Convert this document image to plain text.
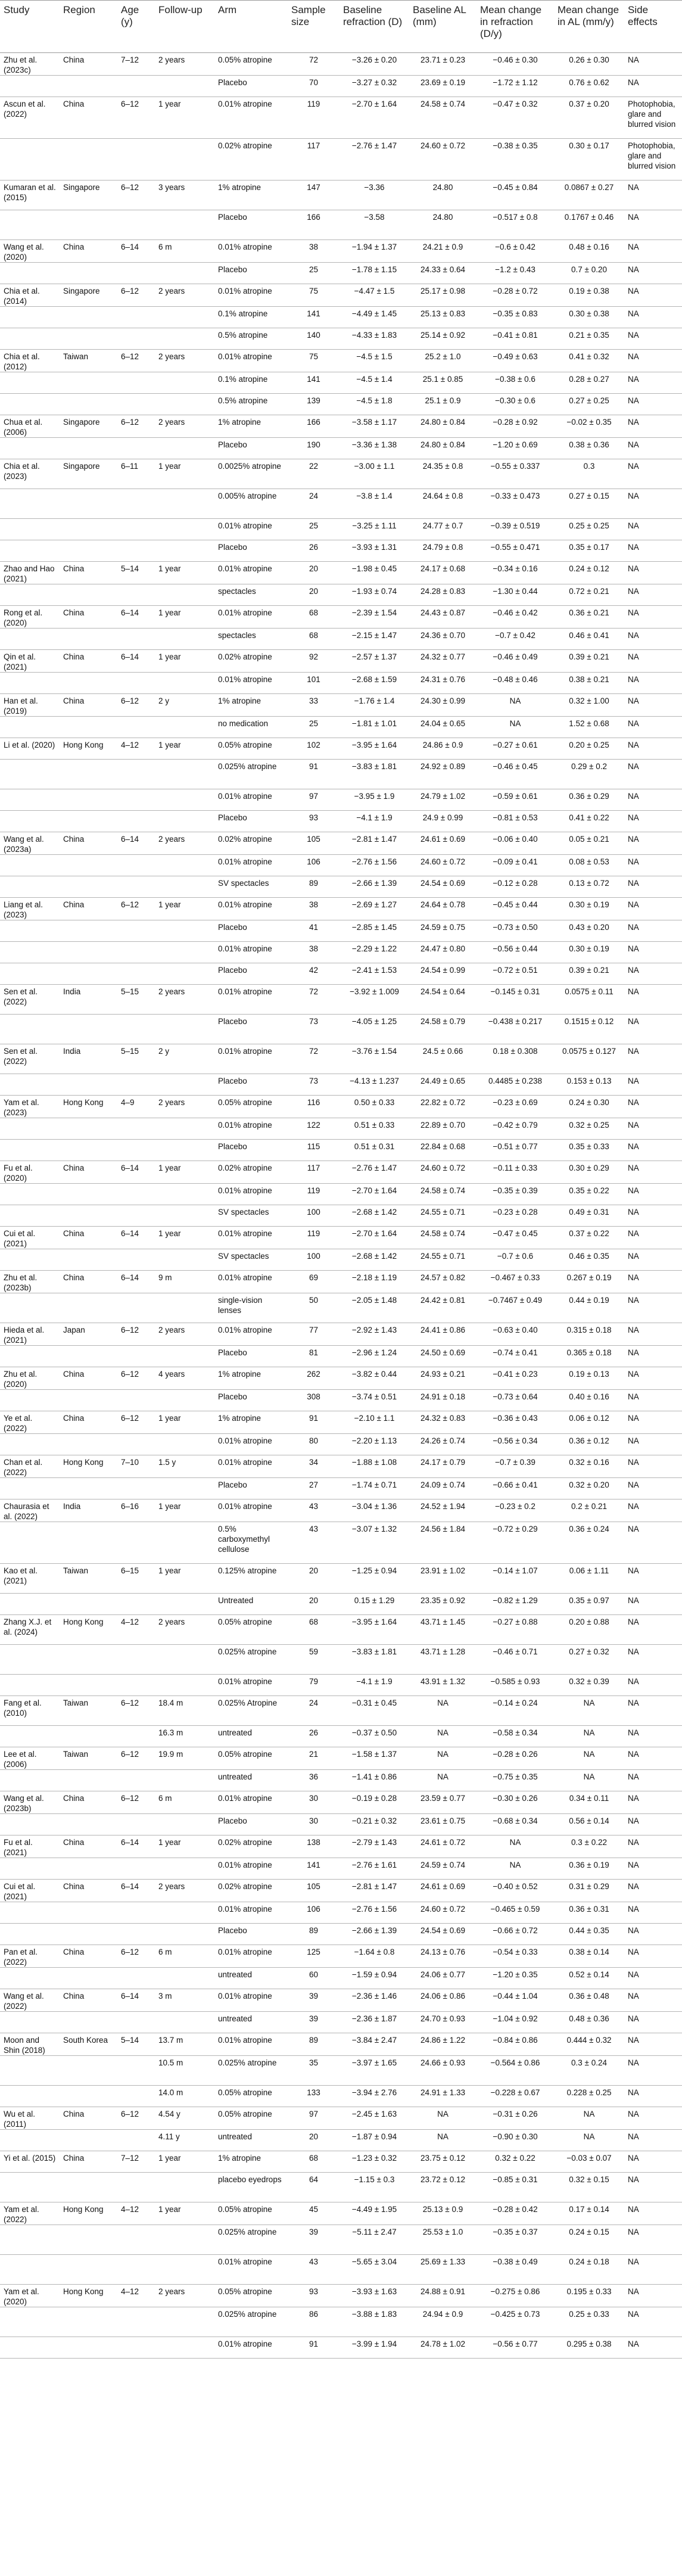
Study	Region	Age (y)	Follow-up	Arm	Sample size	Baseline refraction (D)	Baseline AL (mm)	Mean change in refraction (D/y)	Mean change in AL (mm/y)	Side effects
Zhu et al. (2023c)	China	7–12	2 years	0.05% atropine	72	−3.26 ± 0.20	23.71 ± 0.23	−0.46 ± 0.30	0.26 ± 0.30	NA
				Placebo	70	−3.27 ± 0.32	23.69 ± 0.19	−1.72 ± 1.12	0.76 ± 0.62	NA
Ascun et al. (2022)	China	6–12	1 year	0.01% atropine	119	−2.70 ± 1.64	24.58 ± 0.74	−0.47 ± 0.32	0.37 ± 0.20	Photophobia, glare and blurred vision
				0.02% atropine	117	−2.76 ± 1.47	24.60 ± 0.72	−0.38 ± 0.35	0.30 ± 0.17	Photophobia, glare and blurred vision
Kumaran et al. (2015)	Singapore	6–12	3 years	1% atropine	147	−3.36	24.80	−0.45 ± 0.84	0.0867 ± 0.27	NA
				Placebo	166	−3.58	24.80	−0.517 ± 0.8	0.1767 ± 0.46	NA
Wang et al. (2020)	China	6–14	6 m	0.01% atropine	38	−1.94 ± 1.37	24.21 ± 0.9	−0.6 ± 0.42	0.48 ± 0.16	NA
				Placebo	25	−1.78 ± 1.15	24.33 ± 0.64	−1.2 ± 0.43	0.7 ± 0.20	NA
Chia et al. (2014)	Singapore	6–12	2 years	0.01% atropine	75	−4.47 ± 1.5	25.17 ± 0.98	−0.28 ± 0.72	0.19 ± 0.38	NA
				0.1% atropine	141	−4.49 ± 1.45	25.13 ± 0.83	−0.35 ± 0.83	0.30 ± 0.38	NA
				0.5% atropine	140	−4.33 ± 1.83	25.14 ± 0.92	−0.41 ± 0.81	0.21 ± 0.35	NA
Chia et al. (2012)	Taiwan	6–12	2 years	0.01% atropine	75	−4.5 ± 1.5	25.2 ± 1.0	−0.49 ± 0.63	0.41 ± 0.32	NA
				0.1% atropine	141	−4.5 ± 1.4	25.1 ± 0.85	−0.38 ± 0.6	0.28 ± 0.27	NA
				0.5% atropine	139	−4.5 ± 1.8	25.1 ± 0.9	−0.30 ± 0.6	0.27 ± 0.25	NA
Chua et al. (2006)	Singapore	6–12	2 years	1% atropine	166	−3.58 ± 1.17	24.80 ± 0.84	−0.28 ± 0.92	−0.02 ± 0.35	NA
				Placebo	190	−3.36 ± 1.38	24.80 ± 0.84	−1.20 ± 0.69	0.38 ± 0.36	NA
Chia et al. (2023)	Singapore	6–11	1 year	0.0025% atropine	22	−3.00 ± 1.1	24.35 ± 0.8	−0.55 ± 0.337	0.3	NA
				0.005% atropine	24	−3.8 ± 1.4	24.64 ± 0.8	−0.33 ± 0.473	0.27 ± 0.15	NA
				0.01% atropine	25	−3.25 ± 1.11	24.77 ± 0.7	−0.39 ± 0.519	0.25 ± 0.25	NA
				Placebo	26	−3.93 ± 1.31	24.79 ± 0.8	−0.55 ± 0.471	0.35 ± 0.17	NA
Zhao and Hao (2021)	China	5–14	1 year	0.01% atropine	20	−1.98 ± 0.45	24.17 ± 0.68	−0.34 ± 0.16	0.24 ± 0.12	NA
				spectacles	20	−1.93 ± 0.74	24.28 ± 0.83	−1.30 ± 0.44	0.72 ± 0.21	NA
Rong et al. (2020)	China	6–14	1 year	0.01% atropine	68	−2.39 ± 1.54	24.43 ± 0.87	−0.46 ± 0.42	0.36 ± 0.21	NA
				spectacles	68	−2.15 ± 1.47	24.36 ± 0.70	−0.7 ± 0.42	0.46 ± 0.41	NA
Qin et al. (2021)	China	6–14	1 year	0.02% atropine	92	−2.57 ± 1.37	24.32 ± 0.77	−0.46 ± 0.49	0.39 ± 0.21	NA
				0.01% atropine	101	−2.68 ± 1.59	24.31 ± 0.76	−0.48 ± 0.46	0.38 ± 0.21	NA
Han et al. (2019)	China	6–12	2 y	1% atropine	33	−1.76 ± 1.4	24.30 ± 0.99	NA	0.32 ± 1.00	NA
				no medication	25	−1.81 ± 1.01	24.04 ± 0.65	NA	1.52 ± 0.68	NA
Li et al. (2020)	Hong Kong	4–12	1 year	0.05% atropine	102	−3.95 ± 1.64	24.86 ± 0.9	−0.27 ± 0.61	0.20 ± 0.25	NA
				0.025% atropine	91	−3.83 ± 1.81	24.92 ± 0.89	−0.46 ± 0.45	0.29 ± 0.2	NA
				0.01% atropine	97	−3.95 ± 1.9	24.79 ± 1.02	−0.59 ± 0.61	0.36 ± 0.29	NA
				Placebo	93	−4.1 ± 1.9	24.9 ± 0.99	−0.81 ± 0.53	0.41 ± 0.22	NA
Wang et al. (2023a)	China	6–14	2 years	0.02% atropine	105	−2.81 ± 1.47	24.61 ± 0.69	−0.06 ± 0.40	0.05 ± 0.21	NA
				0.01% atropine	106	−2.76 ± 1.56	24.60 ± 0.72	−0.09 ± 0.41	0.08 ± 0.53	NA
				SV spectacles	89	−2.66 ± 1.39	24.54 ± 0.69	−0.12 ± 0.28	0.13 ± 0.72	NA
Liang et al. (2023)	China	6–12	1 year	0.01% atropine	38	−2.69 ± 1.27	24.64 ± 0.78	−0.45 ± 0.44	0.30 ± 0.19	NA
				Placebo	41	−2.85 ± 1.45	24.59 ± 0.75	−0.73 ± 0.50	0.43 ± 0.20	NA
				0.01% atropine	38	−2.29 ± 1.22	24.47 ± 0.80	−0.56 ± 0.44	0.30 ± 0.19	NA
				Placebo	42	−2.41 ± 1.53	24.54 ± 0.99	−0.72 ± 0.51	0.39 ± 0.21	NA
Sen et al. (2022)	India	5–15	2 years	0.01% atropine	72	−3.92 ± 1.009	24.54 ± 0.64	−0.145 ± 0.31	0.0575 ± 0.11	NA
				Placebo	73	−4.05 ± 1.25	24.58 ± 0.79	−0.438 ± 0.217	0.1515 ± 0.12	NA
Sen et al. (2022)	India	5–15	2 y	0.01% atropine	72	−3.76 ± 1.54	24.5 ± 0.66	0.18 ± 0.308	0.0575 ± 0.127	NA
				Placebo	73	−4.13 ± 1.237	24.49 ± 0.65	0.4485 ± 0.238	0.153 ± 0.13	NA
Yam et al. (2023)	Hong Kong	4–9	2 years	0.05% atropine	116	0.50 ± 0.33	22.82 ± 0.72	−0.23 ± 0.69	0.24 ± 0.30	NA
				0.01% atropine	122	0.51 ± 0.33	22.89 ± 0.70	−0.42 ± 0.79	0.32 ± 0.25	NA
				Placebo	115	0.51 ± 0.31	22.84 ± 0.68	−0.51 ± 0.77	0.35 ± 0.33	NA
Fu et al. (2020)	China	6–14	1 year	0.02% atropine	117	−2.76 ± 1.47	24.60 ± 0.72	−0.11 ± 0.33	0.30 ± 0.29	NA
				0.01% atropine	119	−2.70 ± 1.64	24.58 ± 0.74	−0.35 ± 0.39	0.35 ± 0.22	NA
				SV spectacles	100	−2.68 ± 1.42	24.55 ± 0.71	−0.23 ± 0.28	0.49 ± 0.31	NA
Cui et al. (2021)	China	6–14	1 year	0.01% atropine	119	−2.70 ± 1.64	24.58 ± 0.74	−0.47 ± 0.45	0.37 ± 0.22	NA
				SV spectacles	100	−2.68 ± 1.42	24.55 ± 0.71	−0.7 ± 0.6	0.46 ± 0.35	NA
Zhu et al. (2023b)	China	6–14	9 m	0.01% atropine	69	−2.18 ± 1.19	24.57 ± 0.82	−0.467 ± 0.33	0.267 ± 0.19	NA
				single-vision lenses	50	−2.05 ± 1.48	24.42 ± 0.81	−0.7467 ± 0.49	0.44 ± 0.19	NA
Hieda et al. (2021)	Japan	6–12	2 years	0.01% atropine	77	−2.92 ± 1.43	24.41 ± 0.86	−0.63 ± 0.40	0.315 ± 0.18	NA
				Placebo	81	−2.96 ± 1.24	24.50 ± 0.69	−0.74 ± 0.41	0.365 ± 0.18	NA
Zhu et al. (2020)	China	6–12	4 years	1% atropine	262	−3.82 ± 0.44	24.93 ± 0.21	−0.41 ± 0.23	0.19 ± 0.13	NA
				Placebo	308	−3.74 ± 0.51	24.91 ± 0.18	−0.73 ± 0.64	0.40 ± 0.16	NA
Ye et al. (2022)	China	6–12	1 year	1% atropine	91	−2.10 ± 1.1	24.32 ± 0.83	−0.36 ± 0.43	0.06 ± 0.12	NA
				0.01% atropine	80	−2.20 ± 1.13	24.26 ± 0.74	−0.56 ± 0.34	0.36 ± 0.12	NA
Chan et al. (2022)	Hong Kong	7–10	1.5 y	0.01% atropine	34	−1.88 ± 1.08	24.17 ± 0.79	−0.7 ± 0.39	0.32 ± 0.16	NA
				Placebo	27	−1.74 ± 0.71	24.09 ± 0.74	−0.66 ± 0.41	0.32 ± 0.20	NA
Chaurasia et al. (2022)	India	6–16	1 year	0.01% atropine	43	−3.04 ± 1.36	24.52 ± 1.94	−0.23 ± 0.2	0.2 ± 0.21	NA
				0.5% carboxymethyl cellulose	43	−3.07 ± 1.32	24.56 ± 1.84	−0.72 ± 0.29	0.36 ± 0.24	NA
Kao et al. (2021)	Taiwan	6–15	1 year	0.125% atropine	20	−1.25 ± 0.94	23.91 ± 1.02	−0.14 ± 1.07	0.06 ± 1.11	NA
				Untreated	20	0.15 ± 1.29	23.35 ± 0.92	−0.82 ± 1.29	0.35 ± 0.97	NA
Zhang X.J. et al. (2024)	Hong Kong	4–12	2 years	0.05% atropine	68	−3.95 ± 1.64	43.71 ± 1.45	−0.27 ± 0.88	0.20 ± 0.88	NA
				0.025% atropine	59	−3.83 ± 1.81	43.71 ± 1.28	−0.46 ± 0.71	0.27 ± 0.32	NA
				0.01% atropine	79	−4.1 ± 1.9	43.91 ± 1.32	−0.585 ± 0.93	0.32 ± 0.39	NA
Fang et al. (2010)	Taiwan	6–12	18.4 m	0.025% Atropine	24	−0.31 ± 0.45	NA	−0.14 ± 0.24	NA	NA
			16.3 m	untreated	26	−0.37 ± 0.50	NA	−0.58 ± 0.34	NA	NA
Lee et al. (2006)	Taiwan	6–12	19.9 m	0.05% atropine	21	−1.58 ± 1.37	NA	−0.28 ± 0.26	NA	NA
				untreated	36	−1.41 ± 0.86	NA	−0.75 ± 0.35	NA	NA
Wang et al. (2023b)	China	6–12	6 m	0.01% atropine	30	−0.19 ± 0.28	23.59 ± 0.77	−0.30 ± 0.26	0.34 ± 0.11	NA
				Placebo	30	−0.21 ± 0.32	23.61 ± 0.75	−0.68 ± 0.34	0.56 ± 0.14	NA
Fu et al. (2021)	China	6–14	1 year	0.02% atropine	138	−2.79 ± 1.43	24.61 ± 0.72	NA	0.3 ± 0.22	NA
				0.01% atropine	141	−2.76 ± 1.61	24.59 ± 0.74	NA	0.36 ± 0.19	NA
Cui et al. (2021)	China	6–14	2 years	0.02% atropine	105	−2.81 ± 1.47	24.61 ± 0.69	−0.40 ± 0.52	0.31 ± 0.29	NA
				0.01% atropine	106	−2.76 ± 1.56	24.60 ± 0.72	−0.465 ± 0.59	0.36 ± 0.31	NA
				Placebo	89	−2.66 ± 1.39	24.54 ± 0.69	−0.66 ± 0.72	0.44 ± 0.35	NA
Pan et al. (2022)	China	6–12	6 m	0.01% atropine	125	−1.64 ± 0.8	24.13 ± 0.76	−0.54 ± 0.33	0.38 ± 0.14	NA
				untreated	60	−1.59 ± 0.94	24.06 ± 0.77	−1.20 ± 0.35	0.52 ± 0.14	NA
Wang et al. (2022)	China	6–14	3 m	0.01% atropine	39	−2.36 ± 1.46	24.06 ± 0.86	−0.44 ± 1.04	0.36 ± 0.48	NA
				untreated	39	−2.36 ± 1.87	24.70 ± 0.93	−1.04 ± 0.92	0.48 ± 0.36	NA
Moon and Shin (2018)	South Korea	5–14	13.7 m	0.01% atropine	89	−3.84 ± 2.47	24.86 ± 1.22	−0.84 ± 0.86	0.444 ± 0.32	NA
			10.5 m	0.025% atropine	35	−3.97 ± 1.65	24.66 ± 0.93	−0.564 ± 0.86	0.3 ± 0.24	NA
			14.0 m	0.05% atropine	133	−3.94 ± 2.76	24.91 ± 1.33	−0.228 ± 0.67	0.228 ± 0.25	NA
Wu et al. (2011)	China	6–12	4.54 y	0.05% atropine	97	−2.45 ± 1.63	NA	−0.31 ± 0.26	NA	NA
			4.11 y	untreated	20	−1.87 ± 0.94	NA	−0.90 ± 0.30	NA	NA
Yi et al. (2015)	China	7–12	1 year	1% atropine	68	−1.23 ± 0.32	23.75 ± 0.12	0.32 ± 0.22	−0.03 ± 0.07	NA
				placebo eyedrops	64	−1.15 ± 0.3	23.72 ± 0.12	−0.85 ± 0.31	0.32 ± 0.15	NA
Yam et al. (2022)	Hong Kong	4–12	1 year	0.05% atropine	45	−4.49 ± 1.95	25.13 ± 0.9	−0.28 ± 0.42	0.17 ± 0.14	NA
				0.025% atropine	39	−5.11 ± 2.47	25.53 ± 1.0	−0.35 ± 0.37	0.24 ± 0.15	NA
				0.01% atropine	43	−5.65 ± 3.04	25.69 ± 1.33	−0.38 ± 0.49	0.24 ± 0.18	NA
Yam et al. (2020)	Hong Kong	4–12	2 years	0.05% atropine	93	−3.93 ± 1.63	24.88 ± 0.91	−0.275 ± 0.86	0.195 ± 0.33	NA
				0.025% atropine	86	−3.88 ± 1.83	24.94 ± 0.9	−0.425 ± 0.73	0.25 ± 0.33	NA
				0.01% atropine	91	−3.99 ± 1.94	24.78 ± 1.02	−0.56 ± 0.77	0.295 ± 0.38	NA
